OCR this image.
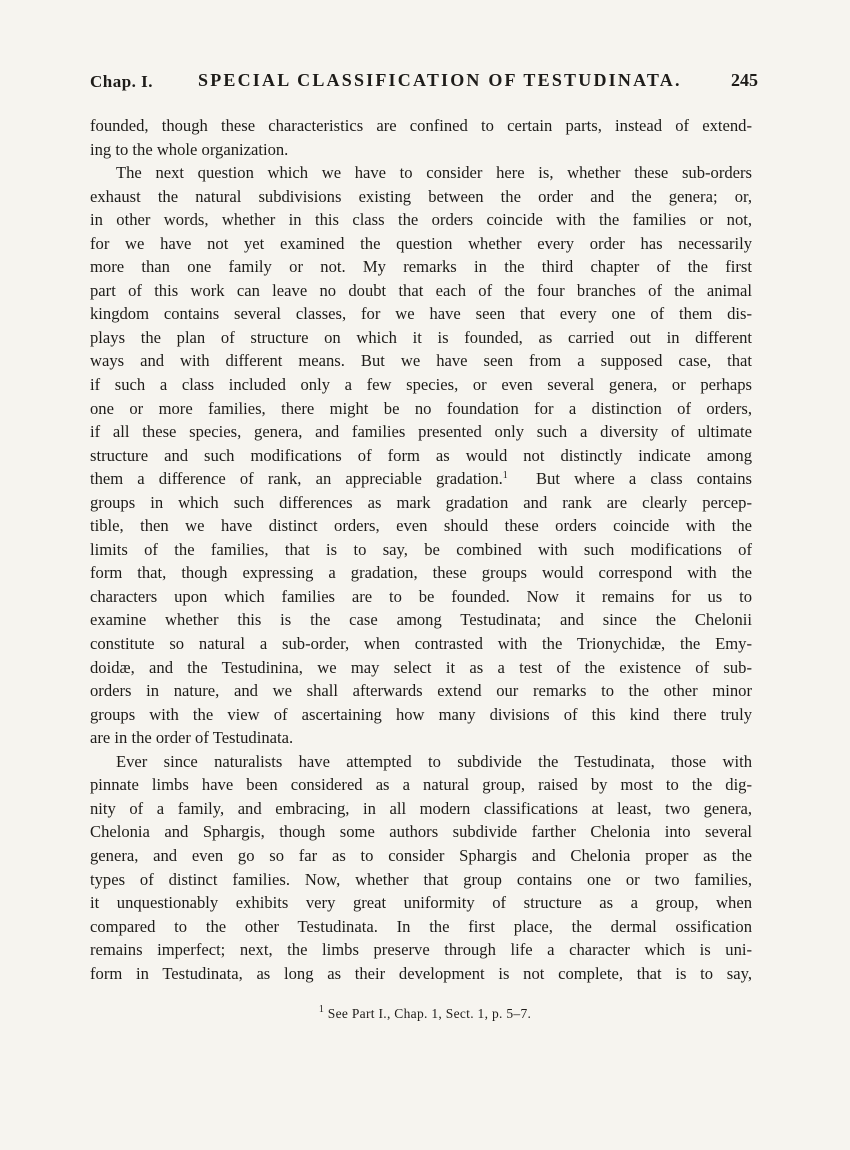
Chap. I. SPECIAL CLASSIFICATION OF TESTUDINATA.	245
founded, though these characteristics are confined to certain parts, instead of extend-
ing to the whole organization.
The next question which we have to consider here is, whether these sub-orders
exhaust the natural subdivisions existing between the order and the genera; or,
in other words, whether in this class the orders coincide with the families or not,
for we have not yet examined the question whether every order has necessarily
more than one family or not. My remarks in the third chapter of the first
part of this work can leave no doubt that each of the four branches of the animal
kingdom contains several classes, for we have seen that every one of them dis-
plays the plan of structure on which it is founded, as carried out in different
ways and with different means. But we have seen from a supposed case, that
if such a class included only a few species, or even several genera, or perhaps
one or more families, there might be no foundation for a distinction of orders,
if all these species, genera, and families presented only such a diversity of ultimate
structure and such modifications of form as would not distinctly indicate among
them a difference of rank, an appreciable gradation.$^1$  But where a class contains
groups in which such differences as mark gradation and rank are clearly percep-
tible, then we have distinct orders, even should these orders coincide with the
limits of the families, that is to say, be combined with such modifications of
form that, though expressing a gradation, these groups would correspond with the
characters upon which families are to be founded. Now it remains for us to
examine whether this is the case among Testudinata; and since the Chelonii
constitute so natural a sub-order, when contrasted with the Trionychidæ, the Emy-
doidæ, and the Testudinina, we may select it as a test of the existence of sub-
orders in nature, and we shall afterwards extend our remarks to the other minor
groups with the view of ascertaining how many divisions of this kind there truly
are in the order of Testudinata.
Ever since naturalists have attempted to subdivide the Testudinata, those with
pinnate limbs have been considered as a natural group, raised by most to the dig-
nity of a family, and embracing, in all modern classifications at least, two genera,
Chelonia and Sphargis, though some authors subdivide farther Chelonia into several
genera, and even go so far as to consider Sphargis and Chelonia proper as the
types of distinct families. Now, whether that group contains one or two families,
it unquestionably exhibits very great uniformity of structure as a group, when
compared to the other Testudinata. In the first place, the dermal ossification
remains imperfect; next, the limbs preserve through life a character which is uni-
form in Testudinata, as long as their development is not complete, that is to say,
$^1$ See Part I., Chap. 1, Sect. 1, p. 5–7.
